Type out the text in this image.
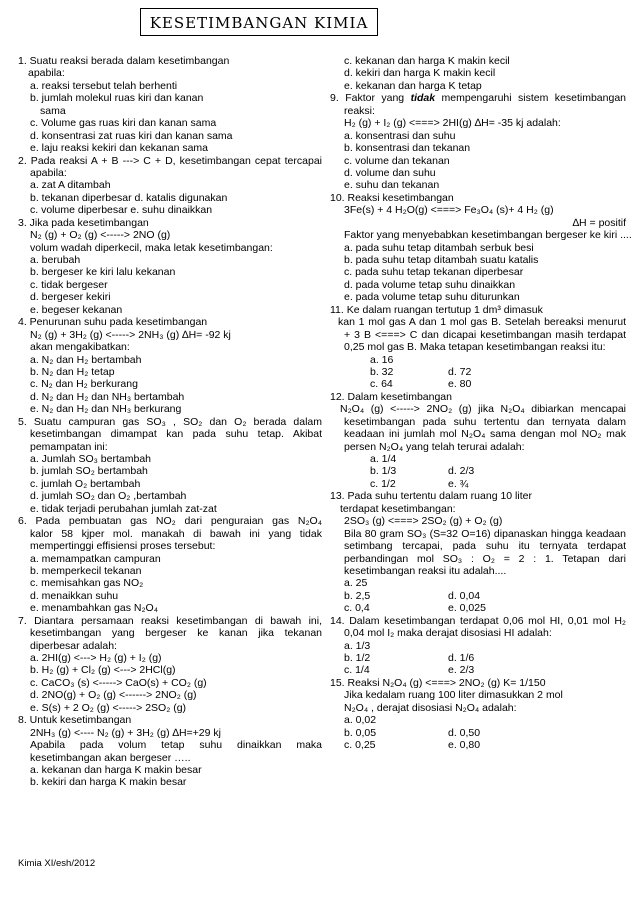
KESETIMBANGAN KIMIA
1. Suatu reaksi berada dalam kesetimbangan
apabila:
a. reaksi tersebut telah berhenti
b. jumlah molekul ruas kiri dan kanan
sama
c. Volume gas ruas kiri dan kanan sama
d. konsentrasi zat ruas kiri dan kanan sama
e. laju reaksi kekiri dan kekanan sama
2. Pada reaksi A + B ---> C + D, kesetimbangan cepat tercapai
apabila:
a. zat A ditambah
b. tekanan diperbesar d. katalis digunakan
c. volume diperbesar e. suhu dinaikkan
3. Jika pada kesetimbangan
N₂ (g) + O₂ (g) <-----> 2NO (g)
volum wadah diperkecil, maka letak kesetimbangan:
a. berubah
b. bergeser ke kiri lalu kekanan
c. tidak bergeser
d. bergeser kekiri
e. begeser kekanan
4. Penurunan suhu pada kesetimbangan
N₂ (g) + 3H₂ (g) <-----> 2NH₃ (g) ∆H= -92 kj
akan mengakibatkan:
a. N₂ dan H₂ bertambah
b. N₂ dan H₂ tetap
c. N₂ dan H₂ berkurang
d. N₂ dan H₂ dan NH₃ bertambah
e. N₂ dan H₂ dan NH₃ berkurang
5. Suatu campuran gas SO₃ , SO₂ dan O₂ berada dalam
kesetimbangan dimampat kan pada suhu tetap. Akibat
pemampatan ini:
a. Jumlah SO₃ bertambah
b. jumlah SO₂ bertambah
c. jumlah O₂ bertambah
d. jumlah SO₂ dan O₂ ,bertambah
e. tidak terjadi perubahan jumlah zat-zat
6. Pada pembuatan gas NO₂ dari penguraian gas N₂O₄
kalor 58 kjper mol. manakah di bawah ini yang tidak
mempertinggi effisiensi proses tersebut:
a. memampatkan campuran
b. memperkecil tekanan
c. memisahkan gas NO₂
d. menaikkan suhu
e. menambahkan gas N₂O₄
7. Diantara persamaan reaksi kesetimbangan di bawah ini,
kesetimbangan yang bergeser ke kanan jika tekanan
diperbesar adalah:
a. 2HI(g) <---> H₂ (g) + I₂ (g)
b. H₂ (g) + Cl₂ (g) <---> 2HCl(g)
c. CaCO₃ (s) <-----> CaO(s) + CO₂ (g)
d. 2NO(g) + O₂ (g) <------> 2NO₂ (g)
e. S(s) + 2 O₂ (g) <-----> 2SO₂ (g)
8. Untuk kesetimbangan
2NH₃ (g) <---- N₂ (g) + 3H₂ (g) ∆H=+29 kj
Apabila pada volum tetap suhu dinaikkan maka
kesetimbangan akan bergeser …..
a. kekanan dan harga K makin besar
b. kekiri dan harga K makin besar
c. kekanan dan harga K makin kecil
d. kekiri dan harga K makin kecil
e. kekanan dan harga K tetap
9. Faktor yang tidak mempengaruhi sistem kesetimbangan
reaksi:
H₂ (g) + I₂ (g) <===> 2HI(g) ∆H= -35 kj adalah:
a. konsentrasi dan suhu
b. konsentrasi dan tekanan
c. volume dan tekanan
d. volume dan suhu
e. suhu dan tekanan
10. Reaksi kesetimbangan
3Fe(s) + 4 H₂O(g) <===> Fe₃O₄ (s)+ 4 H₂ (g)
∆H = positif
Faktor yang menyebabkan kesetimbangan bergeser ke kiri ....
a. pada suhu tetap ditambah serbuk besi
b. pada suhu tetap ditambah suatu katalis
c. pada suhu tetap tekanan diperbesar
d. pada volume tetap suhu dinaikkan
e. pada volume tetap suhu diturunkan
11. Ke dalam ruangan tertutup 1 dm³ dimasuk
kan 1 mol gas A dan 1 mol gas B. Setelah bereaksi menurut
+ 3 B <===> C dan dicapai kesetimbangan masih terdapat
0,25 mol gas B. Maka tetapan kesetimbangan reaksi itu:
a. 16
b. 32	d. 72
c. 64	e. 80
12. Dalam kesetimbangan
N₂O₄ (g) <-----> 2NO₂ (g) jika N₂O₄ dibiarkan mencapai
kesetimbangan pada suhu tertentu dan ternyata dalam
keadaan ini jumlah mol N₂O₄ sama dengan mol NO₂ mak
persen N₂O₄ yang telah terurai adalah:
a. 1/4
b. 1/3	d. 2/3
c. 1/2	e. ¾
13. Pada suhu tertentu dalam ruang 10 liter
terdapat kesetimbangan:
2SO₃ (g) <===> 2SO₂ (g) + O₂ (g)
Bila 80 gram SO₃ (S=32 O=16) dipanaskan hingga keadaan
setimbang tercapai, pada suhu itu ternyata terdapat
perbandingan mol SO₃ : O₂ = 2 : 1. Tetapan dari
kesetimbangan reaksi itu adalah....
a. 25
b. 2,5	d. 0,04
c. 0,4	e. 0,025
14. Dalam kesetimbangan terdapat 0,06 mol HI, 0,01 mol H₂
0,04 mol I₂ maka derajat disosiasi HI adalah:
a. 1/3
b. 1/2	d. 1/6
c. 1/4	e. 2/3
15. Reaksi N₂O₄ (g) <===> 2NO₂ (g) K= 1/150
Jika kedalam ruang 100 liter dimasukkan 2 mol
N₂O₄ , derajat disosiasi N₂O₄ adalah:
a. 0,02
b. 0,05	d. 0,50
c. 0,25	e. 0,80
Kimia XI/esh/2012
